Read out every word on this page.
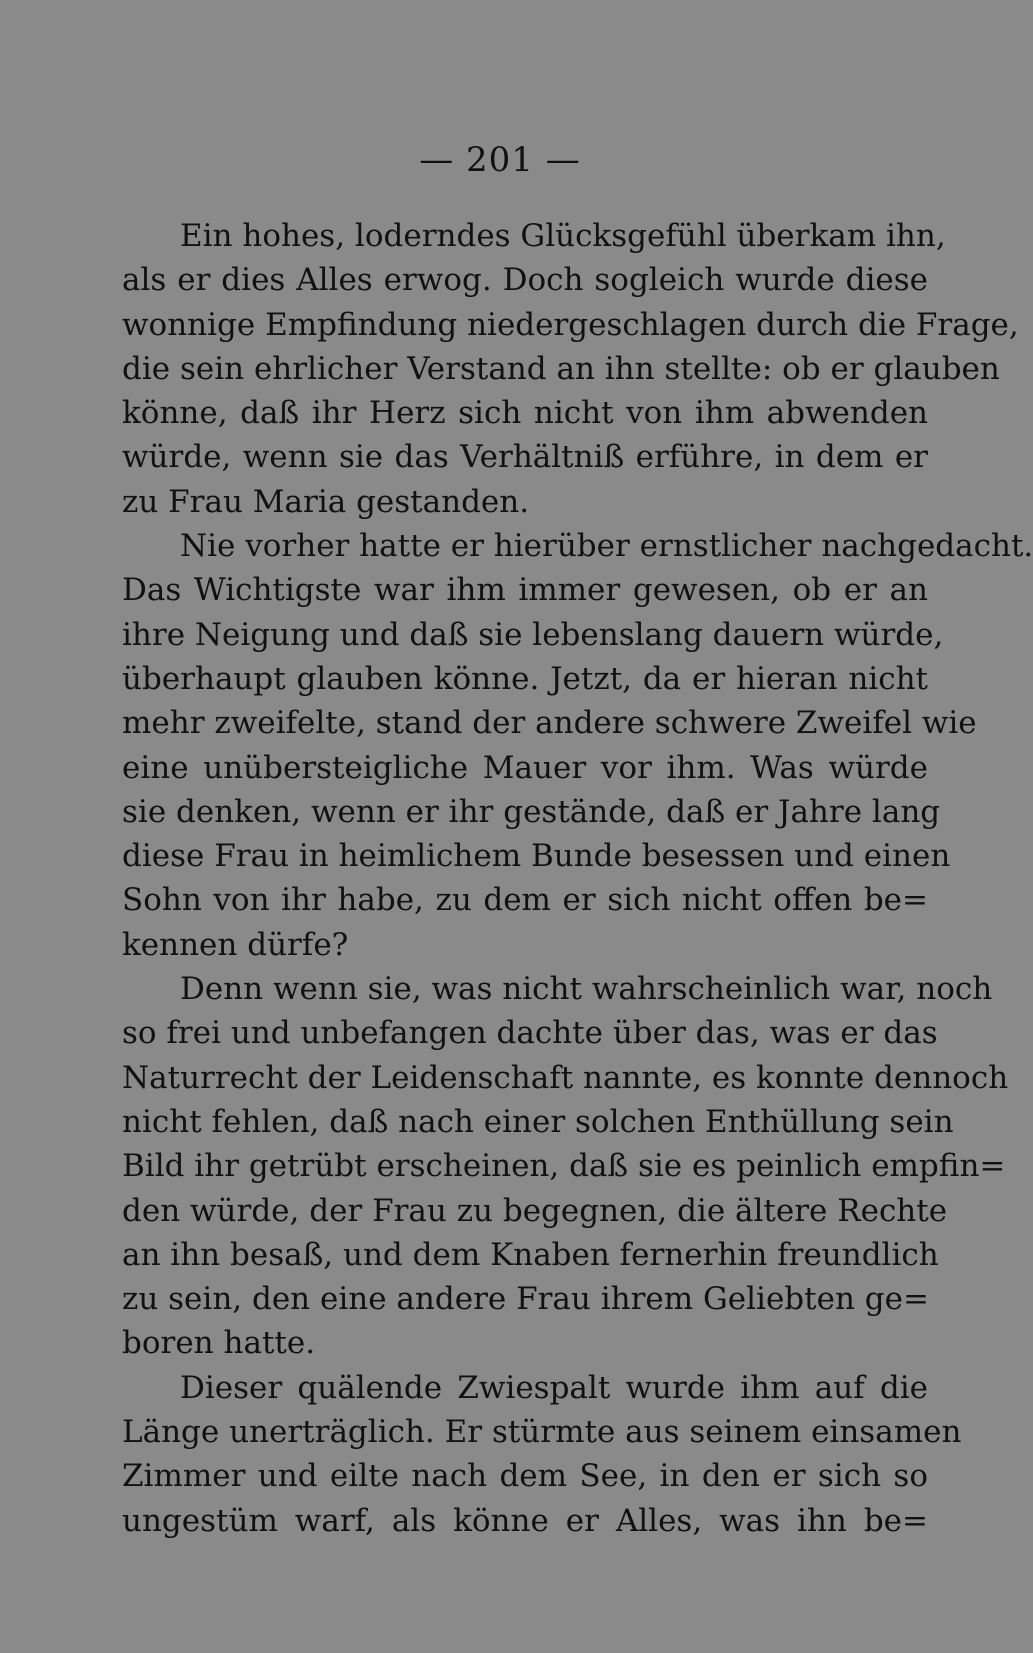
— 201 —
Ein hohes, loderndes Glücksgefühl überkam ihn,
als er dies Alles erwog. Doch sogleich wurde diese
wonnige Empfindung niedergeschlagen durch die Frage,
die sein ehrlicher Verstand an ihn stellte: ob er glauben
könne, daß ihr Herz sich nicht von ihm abwenden
würde, wenn sie das Verhältniß erführe, in dem er
zu Frau Maria gestanden.
Nie vorher hatte er hierüber ernstlicher nachgedacht.
Das Wichtigste war ihm immer gewesen, ob er an
ihre Neigung und daß sie lebenslang dauern würde,
überhaupt glauben könne. Jetzt, da er hieran nicht
mehr zweifelte, stand der andere schwere Zweifel wie
eine unübersteigliche Mauer vor ihm. Was würde
sie denken, wenn er ihr gestände, daß er Jahre lang
diese Frau in heimlichem Bunde besessen und einen
Sohn von ihr habe, zu dem er sich nicht offen be=
kennen dürfe?
Denn wenn sie, was nicht wahrscheinlich war, noch
so frei und unbefangen dachte über das, was er das
Naturrecht der Leidenschaft nannte, es konnte dennoch
nicht fehlen, daß nach einer solchen Enthüllung sein
Bild ihr getrübt erscheinen, daß sie es peinlich empfin=
den würde, der Frau zu begegnen, die ältere Rechte
an ihn besaß, und dem Knaben fernerhin freundlich
zu sein, den eine andere Frau ihrem Geliebten ge=
boren hatte.
Dieser quälende Zwiespalt wurde ihm auf die
Länge unerträglich. Er stürmte aus seinem einsamen
Zimmer und eilte nach dem See, in den er sich so
ungestüm warf, als könne er Alles, was ihn be=
